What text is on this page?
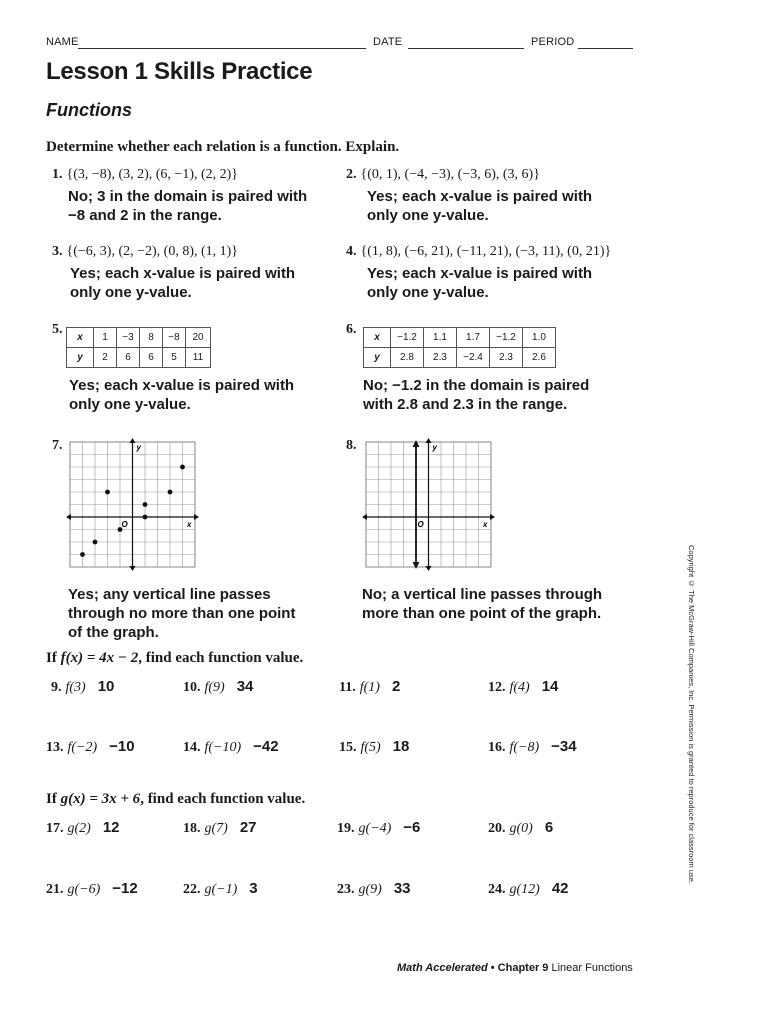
NAME	DATE	PERIOD
Lesson 1 Skills Practice
Functions
Determine whether each relation is a function. Explain.
1. {(3, −8), (3, 2), (6, −1), (2, 2)}
No; 3 in the domain is paired with
−8 and 2 in the range.
2. {(0, 1), (−4, −3), (−3, 6), (3, 6)}
Yes; each x-value is paired with
only one y-value.
3. {(−6, 3), (2, −2), (0, 8), (1, 1)}
Yes; each x-value is paired with
only one y-value.
4. {(1, 8), (−6, 21), (−11, 21), (−3, 11), (0, 21)}
Yes; each x-value is paired with
only one y-value.
5.
x	1	−3	8	−8	20
y	2	6	6	5	11
Yes; each x-value is paired with
only one y-value.
6.
x	−1.2	1.1	1.7	−1.2	1.0
y	2.8	2.3	−2.4	2.3	2.6
No; −1.2 in the domain is paired
with 2.8 and 2.3 in the range.
7.
x
y
O
Yes; any vertical line passes
through no more than one point
of the graph.
8.
x
y
O
No; a vertical line passes through
more than one point of the graph.
If f(x) = 4x − 2, find each function value.
If g(x) = 3x + 6, find each function value.
9. f(3) 10	10. f(9) 34	11. f(1) 2	12. f(4) 14
13. f(−2) −10	14. f(−10) −42	15. f(5) 18	16. f(−8) −34
17. g(2) 12	18. g(7) 27	19. g(−4) −6	20. g(0) 6
21. g(−6) −12	22. g(−1) 3	23. g(9) 33	24. g(12) 42
Copyright © The McGraw-Hill Companies, Inc. Permission is granted to reproduce for classroom use.
Math Accelerated • Chapter 9 Linear Functions
